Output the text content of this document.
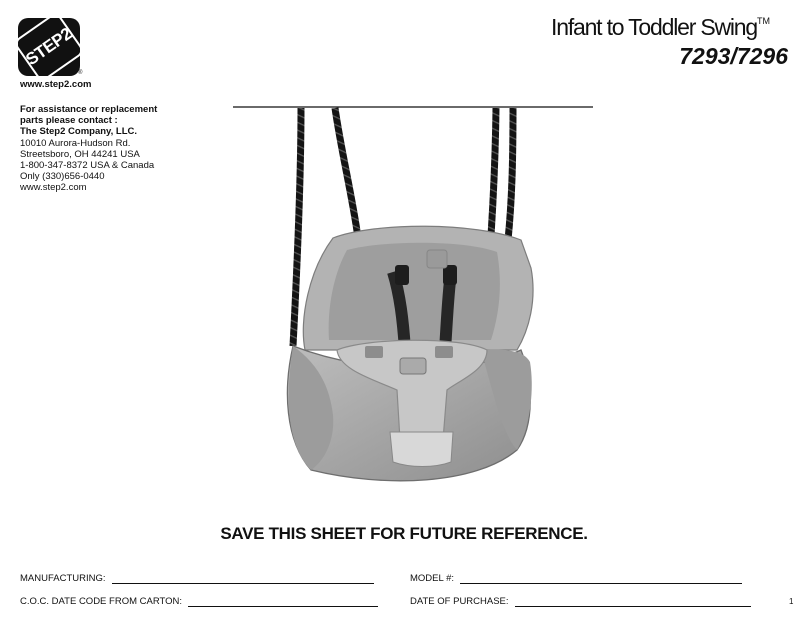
STEP2
®
www.step2.com
For assistance or replacement
parts please contact :
The Step2 Company, LLC.
10010 Aurora-Hudson Rd.
Streetsboro, OH 44241 USA
1-800-347-8372 USA & Canada
Only (330)656-0440
www.step2.com
Infant to Toddler Swing™
7293/7296
SAVE THIS SHEET FOR FUTURE REFERENCE.
MANUFACTURING:	MODEL #:
C.O.C. DATE CODE FROM CARTON:	DATE OF PURCHASE:	1
